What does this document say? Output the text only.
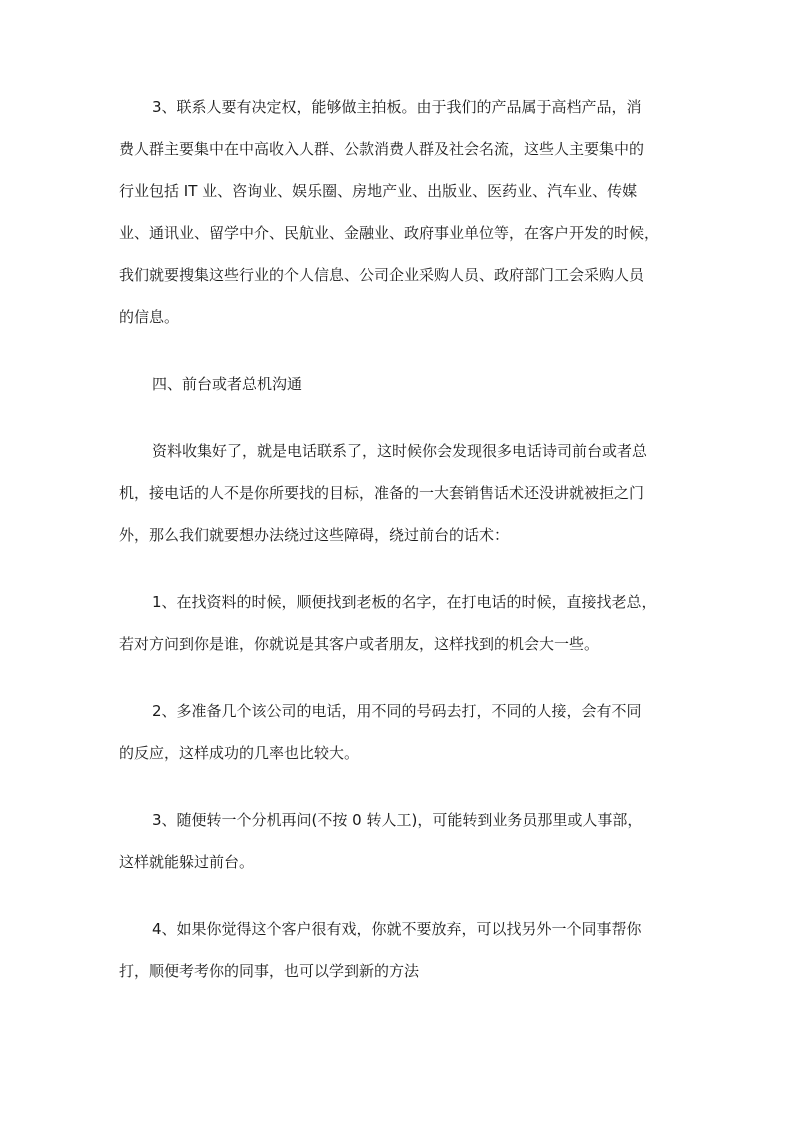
3、联系人要有决定权，能够做主拍板。由于我们的产品属于高档产品，消
费人群主要集中在中高收入人群、公款消费人群及社会名流，这些人主要集中的
行业包括 IT 业、咨询业、娱乐圈、房地产业、出版业、医药业、汽车业、传媒
业、通讯业、留学中介、民航业、金融业、政府事业单位等，在客户开发的时候，
我们就要搜集这些行业的个人信息、公司企业采购人员、政府部门工会采购人员
的信息。
四、前台或者总机沟通
资料收集好了，就是电话联系了，这时候你会发现很多电话诗司前台或者总
机，接电话的人不是你所要找的目标，准备的一大套销售话术还没讲就被拒之门
外，那么我们就要想办法绕过这些障碍，绕过前台的话术：
1、在找资料的时候，顺便找到老板的名字，在打电话的时候，直接找老总，
若对方问到你是谁，你就说是其客户或者朋友，这样找到的机会大一些。
2、多准备几个该公司的电话，用不同的号码去打，不同的人接，会有不同
的反应，这样成功的几率也比较大。
3、随便转一个分机再问(不按 0 转人工)，可能转到业务员那里或人事部，
这样就能躲过前台。
4、如果你觉得这个客户很有戏，你就不要放弃，可以找另外一个同事帮你
打，顺便考考你的同事，也可以学到新的方法
